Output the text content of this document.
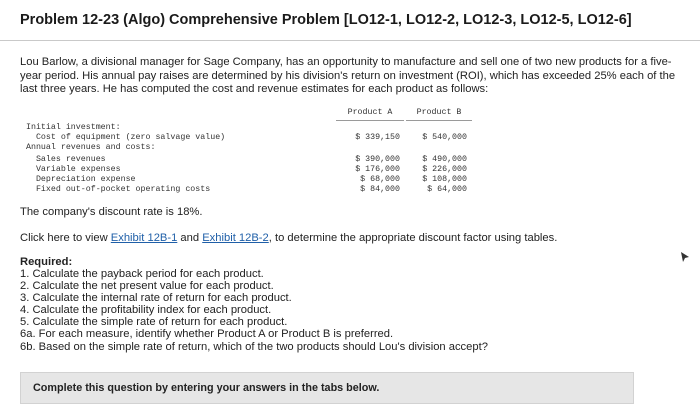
Problem 12-23 (Algo) Comprehensive Problem [LO12-1, LO12-2, LO12-3, LO12-5, LO12-6]

Lou Barlow, a divisional manager for Sage Company, has an opportunity to manufacture and sell one of two new products for a five-year period. His annual pay raises are determined by his division's return on investment (ROI), which has exceeded 25% each of the last three years. He has computed the cost and revenue estimates for each product as follows:

Product A	Product B
Initial investment:
Cost of equipment (zero salvage value)	$ 339,150	$ 540,000
Annual revenues and costs:
Sales revenues	$ 390,000	$ 490,000
Variable expenses	$ 176,000	$ 226,000
Depreciation expense	$ 68,000	$ 108,000
Fixed out-of-pocket operating costs	$ 84,000	$ 64,000

The company's discount rate is 18%.

Click here to view Exhibit 12B-1 and Exhibit 12B-2, to determine the appropriate discount factor using tables.

Required:
1. Calculate the payback period for each product.
2. Calculate the net present value for each product.
3. Calculate the internal rate of return for each product.
4. Calculate the profitability index for each product.
5. Calculate the simple rate of return for each product.
6a. For each measure, identify whether Product A or Product B is preferred.
6b. Based on the simple rate of return, which of the two products should Lou's division accept?
Complete this question by entering your answers in the tabs below.
